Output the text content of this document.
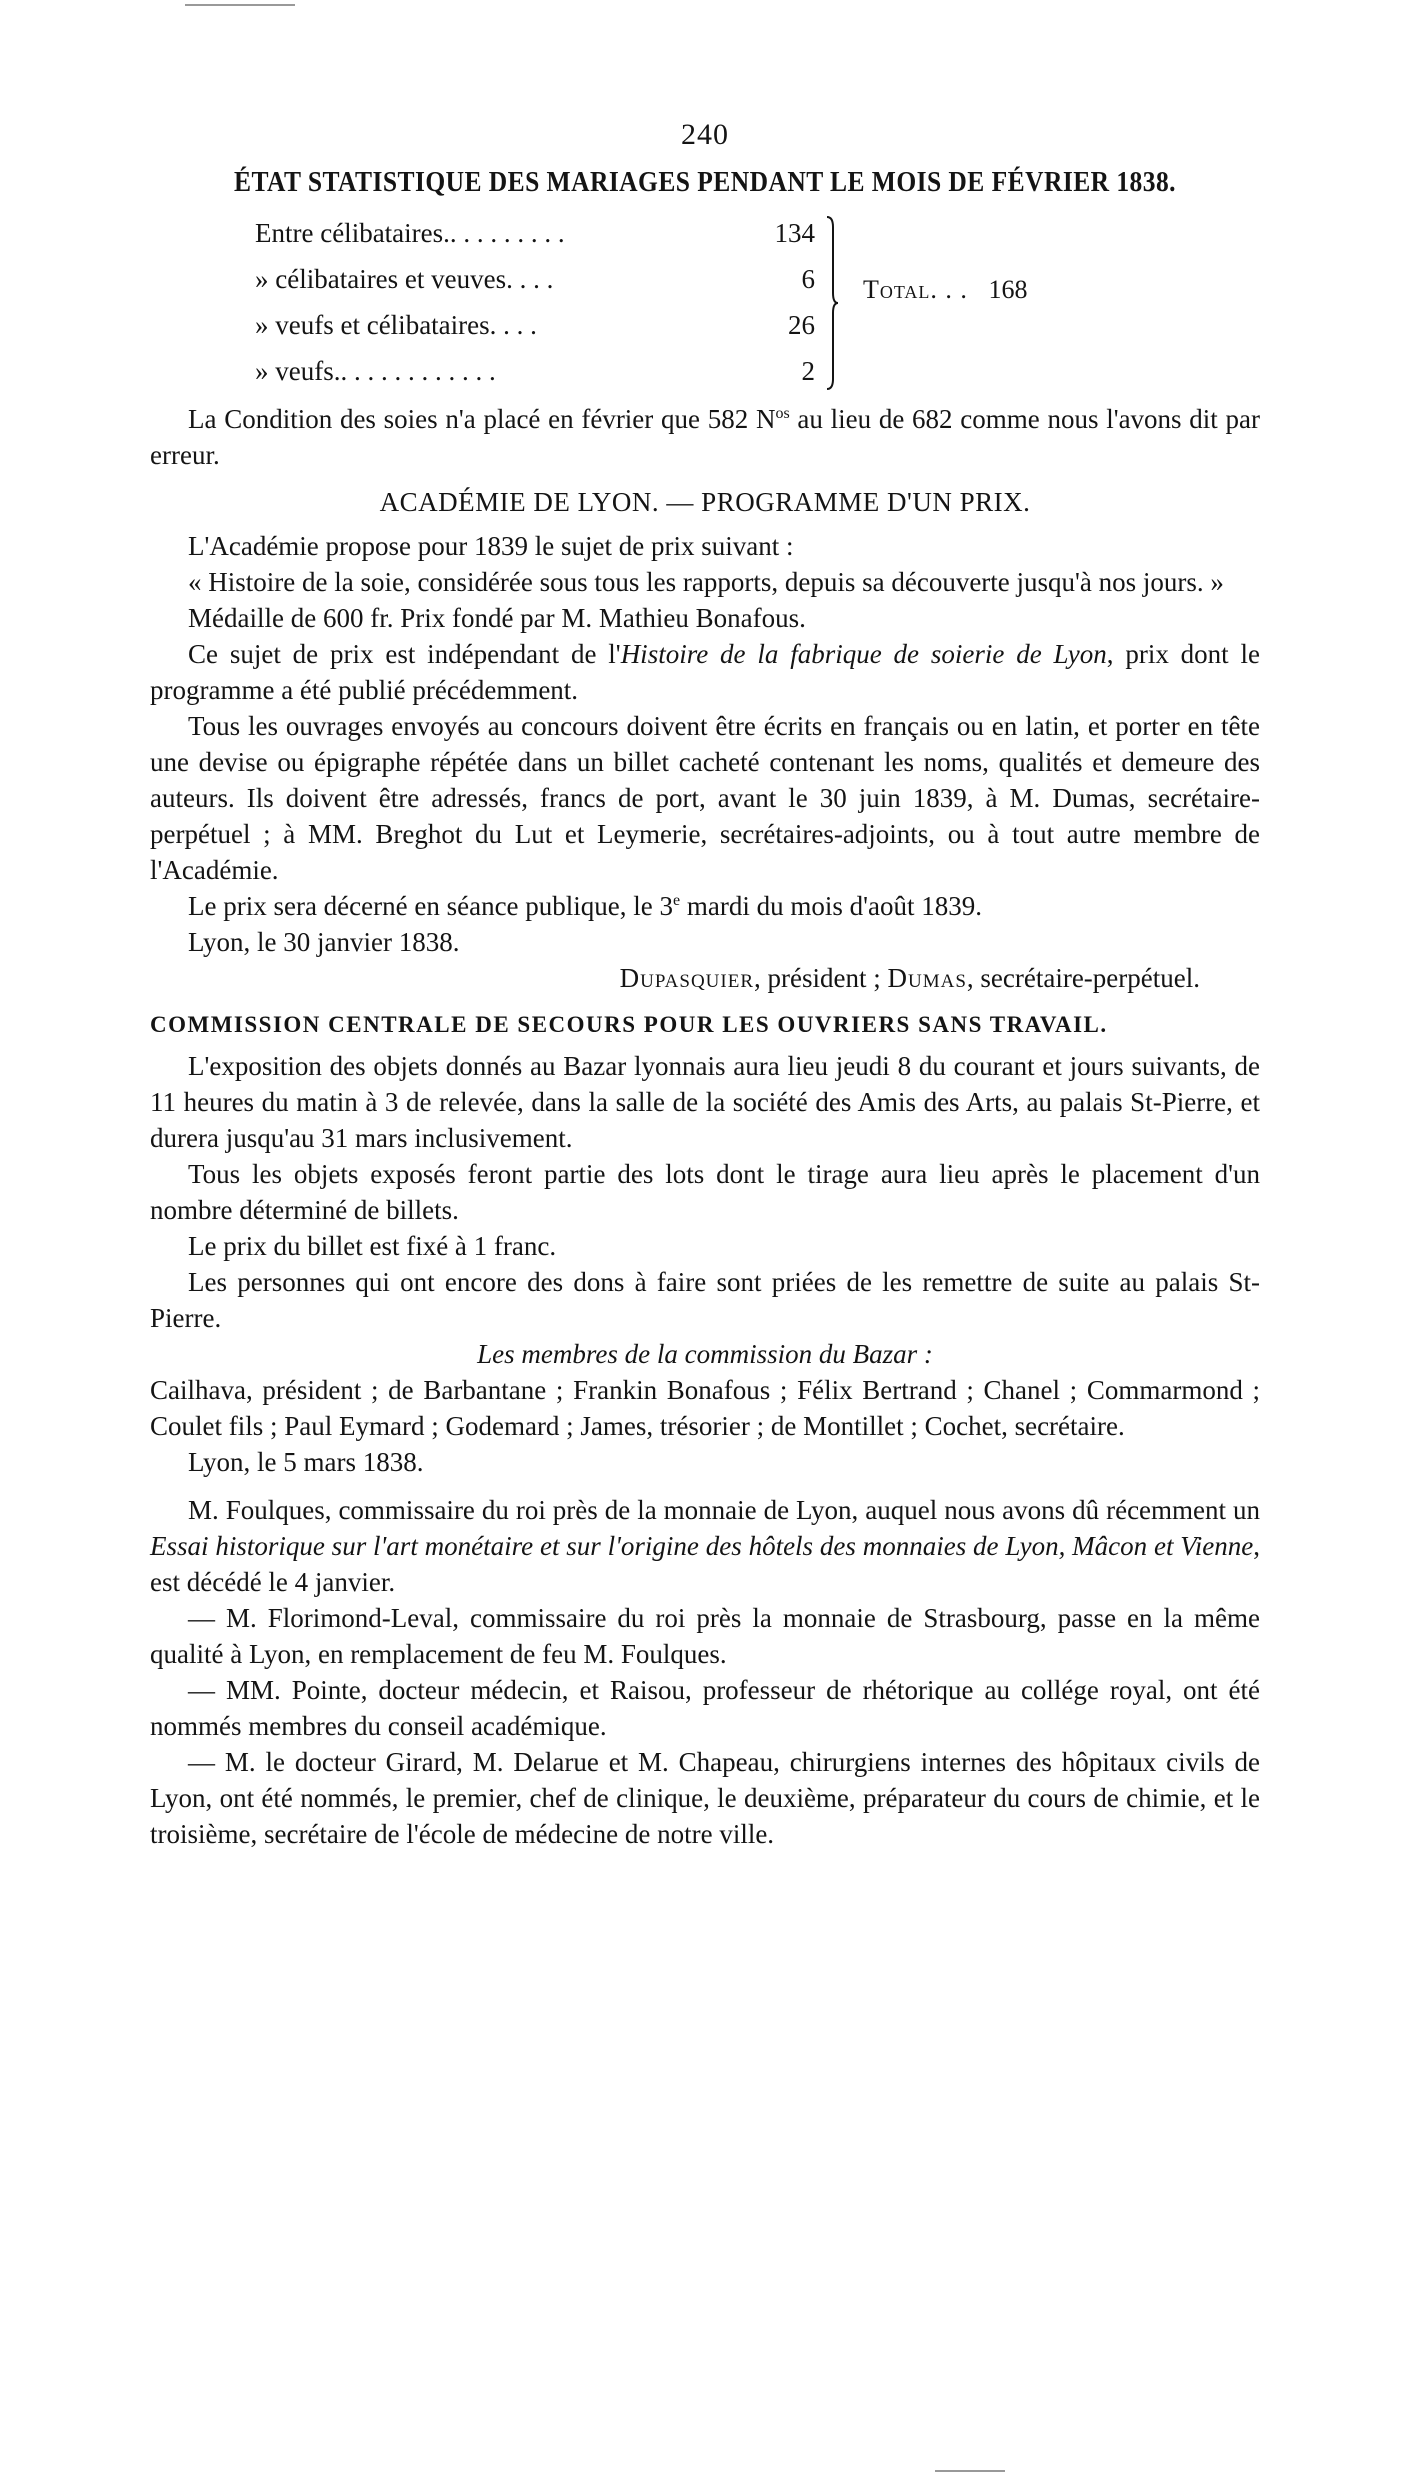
240
ÉTAT STATISTIQUE DES MARIAGES PENDANT LE MOIS DE FÉVRIER 1838.
Entre célibataires.. . . . . . . . .	134
» célibataires et veuves. . . .	6
» veufs et célibataires. . . .	26
» veufs.. . . . . . . . . . . .	2
Total. . . 168

La Condition des soies n'a placé en février que 582 $N^{os}$ au lieu de 682 comme nous l'avons dit par erreur.

ACADÉMIE DE LYON. — PROGRAMME D'UN PRIX.

L'Académie propose pour 1839 le sujet de prix suivant :

« Histoire de la soie, considérée sous tous les rapports, depuis sa découverte jusqu'à nos jours. »

Médaille de 600 fr. Prix fondé par M. Mathieu Bonafous.

Ce sujet de prix est indépendant de l'Histoire de la fabrique de soierie de Lyon, prix dont le programme a été publié précédemment.

Tous les ouvrages envoyés au concours doivent être écrits en français ou en latin, et porter en tête une devise ou épigraphe répétée dans un billet cacheté contenant les noms, qualités et demeure des auteurs. Ils doivent être adressés, francs de port, avant le 30 juin 1839, à M. Dumas, secrétaire-perpétuel ; à MM. Breghot du Lut et Leymerie, secrétaires-adjoints, ou à tout autre membre de l'Académie.

Le prix sera décerné en séance publique, le 3e mardi du mois d'août 1839.

Lyon, le 30 janvier 1838.

Dupasquier, président ; Dumas, secrétaire-perpétuel.

COMMISSION CENTRALE DE SECOURS POUR LES OUVRIERS SANS TRAVAIL.

L'exposition des objets donnés au Bazar lyonnais aura lieu jeudi 8 du courant et jours suivants, de 11 heures du matin à 3 de relevée, dans la salle de la société des Amis des Arts, au palais St-Pierre, et durera jusqu'au 31 mars inclusivement.

Tous les objets exposés feront partie des lots dont le tirage aura lieu après le placement d'un nombre déterminé de billets.

Le prix du billet est fixé à 1 franc.

Les personnes qui ont encore des dons à faire sont priées de les remettre de suite au palais St-Pierre.

Les membres de la commission du Bazar :

Cailhava, président ; de Barbantane ; Frankin Bonafous ; Félix Bertrand ; Chanel ; Commarmond ; Coulet fils ; Paul Eymard ; Godemard ; James, trésorier ; de Montillet ; Cochet, secrétaire.

Lyon, le 5 mars 1838.

M. Foulques, commissaire du roi près de la monnaie de Lyon, auquel nous avons dû récemment un Essai historique sur l'art monétaire et sur l'origine des hôtels des monnaies de Lyon, Mâcon et Vienne, est décédé le 4 janvier.

— M. Florimond-Leval, commissaire du roi près la monnaie de Strasbourg, passe en la même qualité à Lyon, en remplacement de feu M. Foulques.

— MM. Pointe, docteur médecin, et Raisou, professeur de rhétorique au collége royal, ont été nommés membres du conseil académique.

— M. le docteur Girard, M. Delarue et M. Chapeau, chirurgiens internes des hôpitaux civils de Lyon, ont été nommés, le premier, chef de clinique, le deuxième, préparateur du cours de chimie, et le troisième, secrétaire de l'école de médecine de notre ville.
